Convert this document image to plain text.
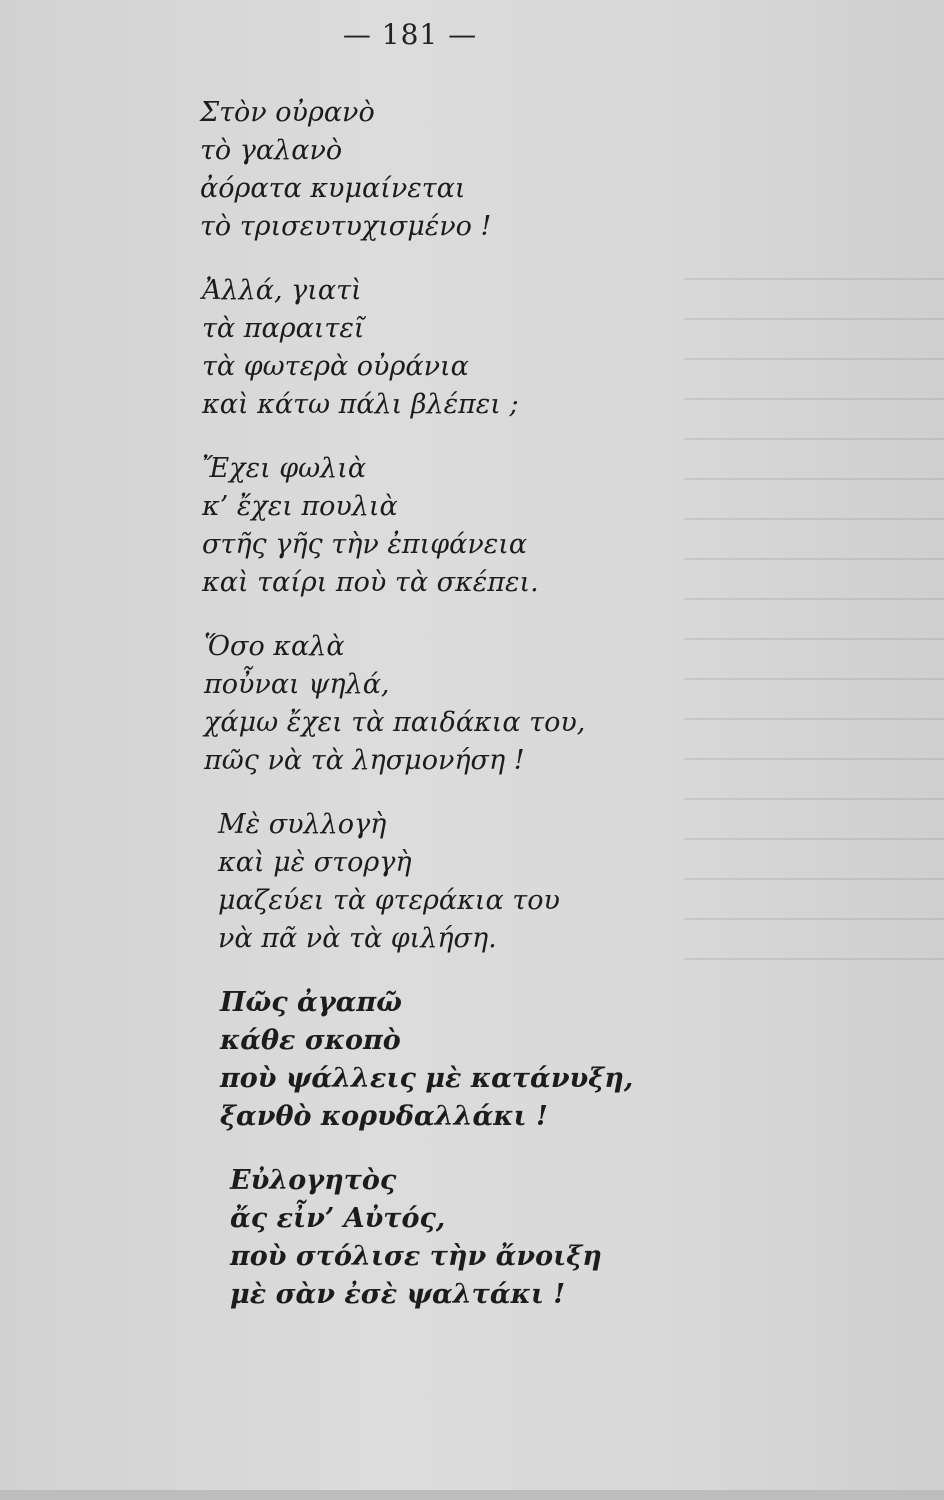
— 181 —
Στὸν οὐρανὸ
τὸ γαλανὸ
ἀόρατα κυμαίνεται
τὸ τρισευτυχισμένο !
Ἀλλά, γιατὶ
τὰ παραιτεῖ
τὰ φωτερὰ οὐράνια
καὶ κάτω πάλι βλέπει ;
Ἔχει φωλιὰ
κ’ ἔχει πουλιὰ
στῆς γῆς τὴν ἐπιφάνεια
καὶ ταίρι ποὺ τὰ σκέπει.
Ὅσο καλὰ
ποὖναι ψηλά,
χάμω ἔχει τὰ παιδάκια του,
πῶς νὰ τὰ λησμονήση !
Μὲ συλλογὴ
καὶ μὲ στοργὴ
μαζεύει τὰ φτεράκια του
νὰ πᾶ νὰ τὰ φιλήση.
Πῶς ἀγαπῶ
κάθε σκοπὸ
ποὺ ψάλλεις μὲ κατάνυξη,
ξανθὸ κορυδαλλάκι !
Εὐλογητὸς
ἄς εἶν’ Αὐτός,
ποὺ στόλισε τὴν ἄνοιξη
μὲ σὰν ἐσὲ ψαλτάκι !
